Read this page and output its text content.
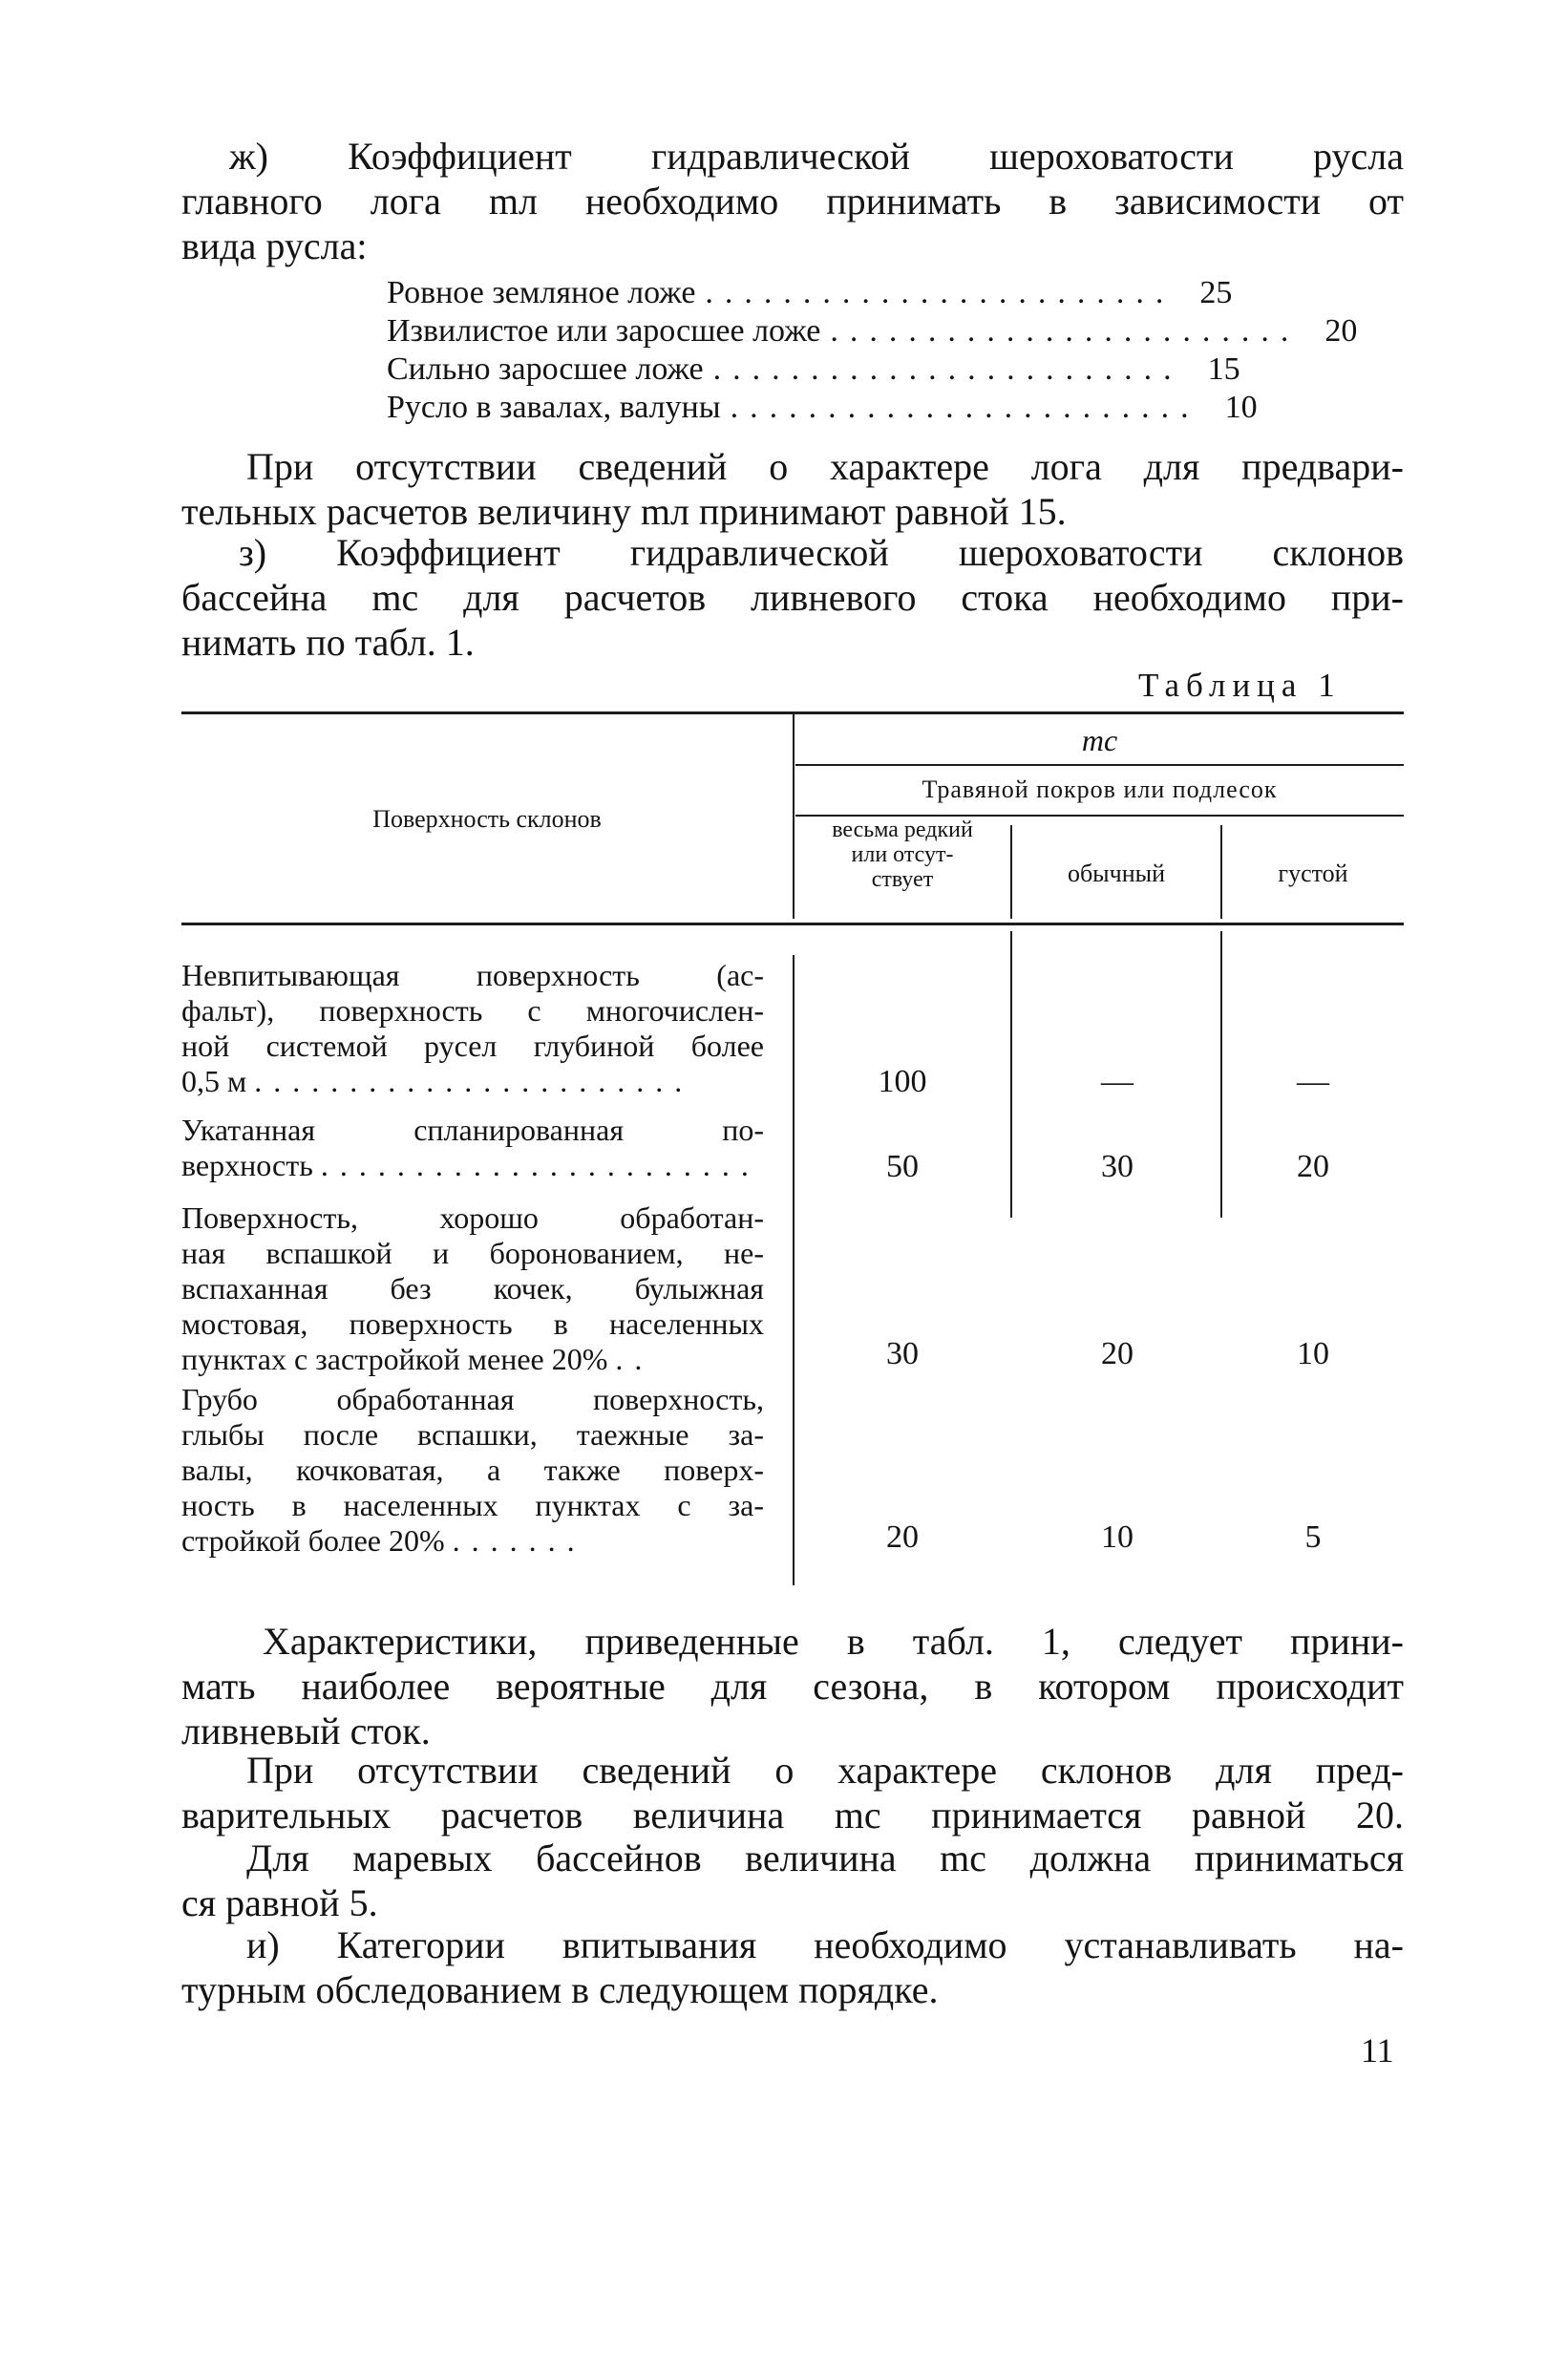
ж) Коэффициент гидравлической шероховатости русла
главного лога mл необходимо принимать в зависимости от
вида русла:
Ровное земляное ложе ........................ 25
Извилистое или заросшее ложе ........................ 20
Сильно заросшее ложе ........................ 15
Русло в завалах, валуны ........................ 10
При отсутствии сведений о характере лога для предвари-
тельных расчетов величину mл принимают равной 15.
з) Коэффициент гидравлической шероховатости склонов
бассейна mс для расчетов ливневого стока необходимо при-
нимать по табл. 1.
Таблица 1
Поверхность склонов
mс
Травяной покров или подлесок
весьма редкий или отсут-ствует	обычный	густой
Невпитывающая поверхность (ас-
фальт), поверхность с многочислен-
ной системой русел глубиной более
0,5 м .......................	100	—	—
Укатанная спланированная по-
верхность .......................	50	30	20
Поверхность, хорошо обработан-
ная вспашкой и боронованием, не-
вспаханная без кочек, булыжная
мостовая, поверхность в населенных
пунктах с застройкой менее 20% ..	30	20	10
Грубо обработанная поверхность,
глыбы после вспашки, таежные за-
валы, кочковатая, а также поверх-
ность в населенных пунктах с за-
стройкой более 20% .......	20	10	5
Характеристики, приведенные в табл. 1, следует прини-
мать наиболее вероятные для сезона, в котором происходит
ливневый сток.
При отсутствии сведений о характере склонов для пред-
варительных расчетов величина mс принимается равной 20.
Для маревых бассейнов величина mс должна приниматься
ся равной 5.
и) Категории впитывания необходимо устанавливать на-
турным обследованием в следующем порядке.
11
